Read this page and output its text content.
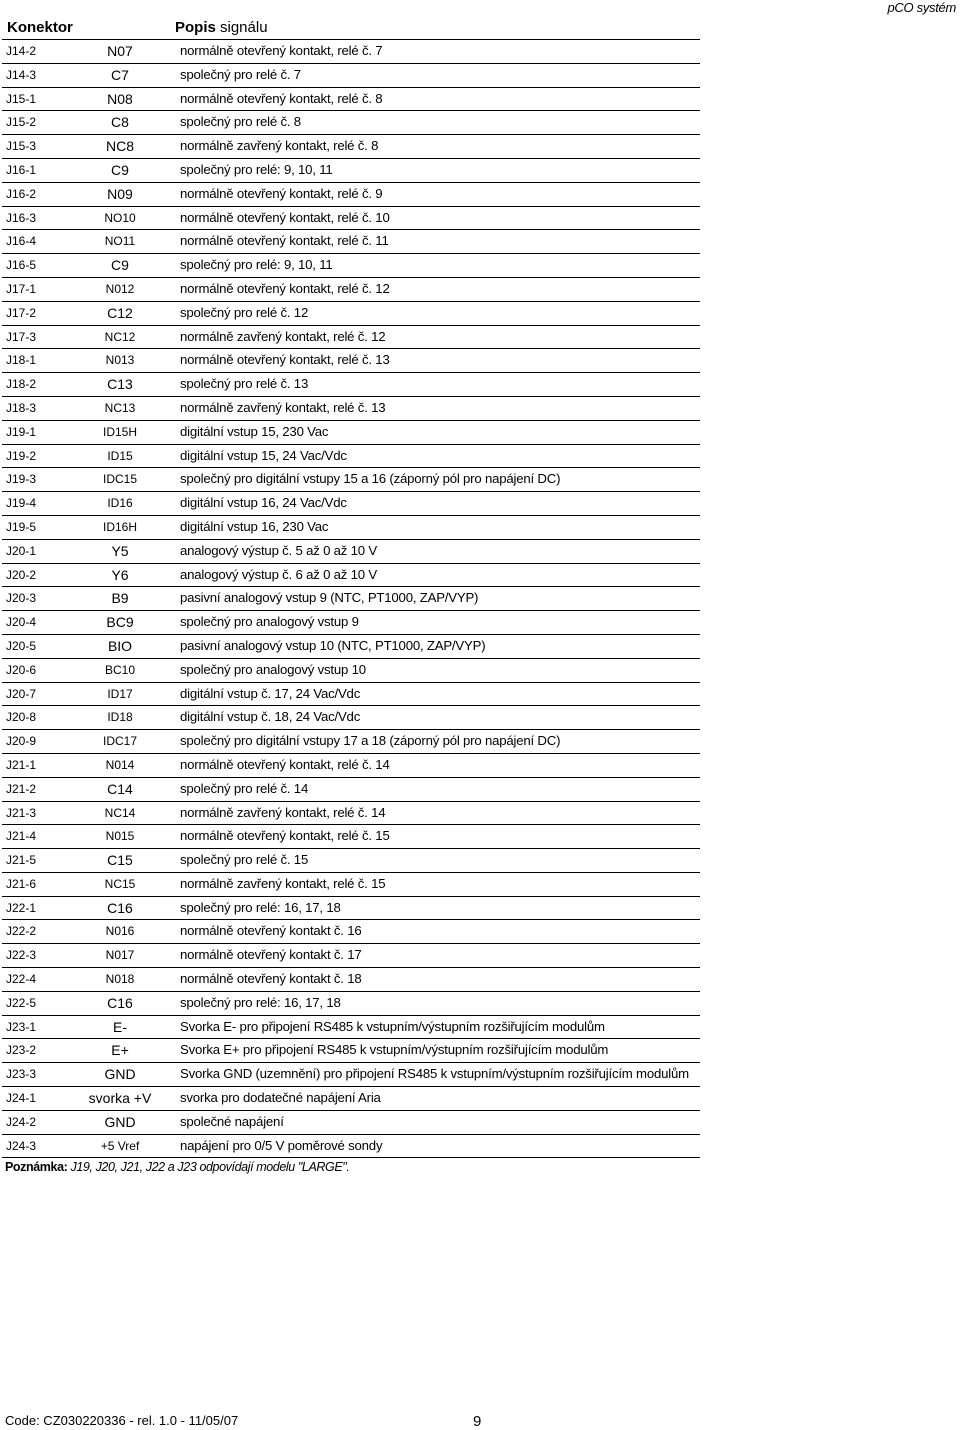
pCO systém
Konektor	Popis signálu
J14-2	N07	normálně otevřený kontakt, relé č. 7
J14-3	C7	společný pro relé č. 7
J15-1	N08	normálně otevřený kontakt, relé č. 8
J15-2	C8	společný pro relé č. 8
J15-3	NC8	normálně zavřený kontakt, relé č. 8
J16-1	C9	společný pro relé: 9, 10, 11
J16-2	N09	normálně otevřený kontakt, relé č. 9
J16-3	NO10	normálně otevřený kontakt, relé č. 10
J16-4	NO11	normálně otevřený kontakt, relé č. 11
J16-5	C9	společný pro relé: 9, 10, 11
J17-1	N012	normálně otevřený kontakt, relé č. 12
J17-2	C12	společný pro relé č. 12
J17-3	NC12	normálně zavřený kontakt, relé č. 12
J18-1	N013	normálně otevřený kontakt, relé č. 13
J18-2	C13	společný pro relé č. 13
J18-3	NC13	normálně zavřený kontakt, relé č. 13
J19-1	ID15H	digitální vstup 15, 230 Vac
J19-2	ID15	digitální vstup 15, 24 Vac/Vdc
J19-3	IDC15	společný pro digitální vstupy 15 a 16 (záporný pól pro napájení DC)
J19-4	ID16	digitální vstup 16, 24 Vac/Vdc
J19-5	ID16H	digitální vstup 16, 230 Vac
J20-1	Y5	analogový výstup č. 5 až 0 až 10 V
J20-2	Y6	analogový výstup č. 6 až 0 až 10 V
J20-3	B9	pasivní analogový vstup 9 (NTC, PT1000, ZAP/VYP)
J20-4	BC9	společný pro analogový vstup 9
J20-5	BIO	pasivní analogový vstup 10 (NTC, PT1000, ZAP/VYP)
J20-6	BC10	společný pro analogový vstup 10
J20-7	ID17	digitální vstup č. 17, 24 Vac/Vdc
J20-8	ID18	digitální vstup č. 18, 24 Vac/Vdc
J20-9	IDC17	společný pro digitální vstupy 17 a 18 (záporný pól pro napájení DC)
J21-1	N014	normálně otevřený kontakt, relé č. 14
J21-2	C14	společný pro relé č. 14
J21-3	NC14	normálně zavřený kontakt, relé č. 14
J21-4	N015	normálně otevřený kontakt, relé č. 15
J21-5	C15	společný pro relé č. 15
J21-6	NC15	normálně zavřený kontakt, relé č. 15
J22-1	C16	společný pro relé: 16, 17, 18
J22-2	N016	normálně otevřený kontakt č. 16
J22-3	N017	normálně otevřený kontakt č. 17
J22-4	N018	normálně otevřený kontakt č. 18
J22-5	C16	společný pro relé: 16, 17, 18
J23-1	E-	Svorka E- pro připojení RS485 k vstupním/výstupním rozšiřujícím modulům
J23-2	E+	Svorka E+ pro připojení RS485 k vstupním/výstupním rozšiřujícím modulům
J23-3	GND	Svorka GND (uzemnění) pro připojení RS485 k vstupním/výstupním rozšiřujícím modulům
J24-1	svorka +V	svorka pro dodatečné napájení Aria
J24-2	GND	společné napájení
J24-3	+5 Vref	napájení pro 0/5 V poměrové sondy
Poznámka: J19, J20, J21, J22 a J23 odpovídají modelu "LARGE".
Code: CZ030220336 - rel. 1.0 - 11/05/07	9
